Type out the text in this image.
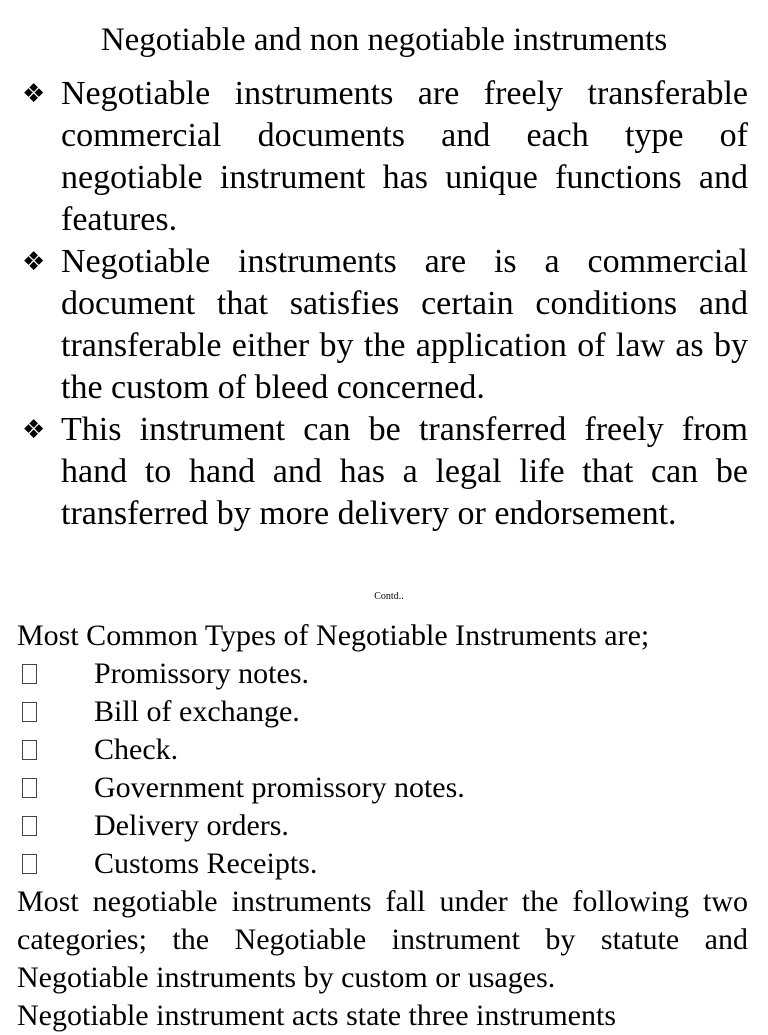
Negotiable and non negotiable instruments
❖ Negotiable instruments are freely transferable commercial documents and each type of negotiable instrument has unique functions and features.
❖ Negotiable instruments are is a commercial document that satisfies certain conditions and transferable either by the application of law as by the custom of bleed concerned.
❖ This instrument can be transferred freely from hand to hand and has a legal life that can be transferred by more delivery or endorsement.
Contd..
Most Common Types of Negotiable Instruments are;
Promissory notes.
Bill of exchange.
Check.
Government promissory notes.
Delivery orders.
Customs Receipts.
Most negotiable instruments fall under the following two categories; the Negotiable instrument by statute and Negotiable instruments by custom or usages.
Negotiable instrument acts state three instruments
